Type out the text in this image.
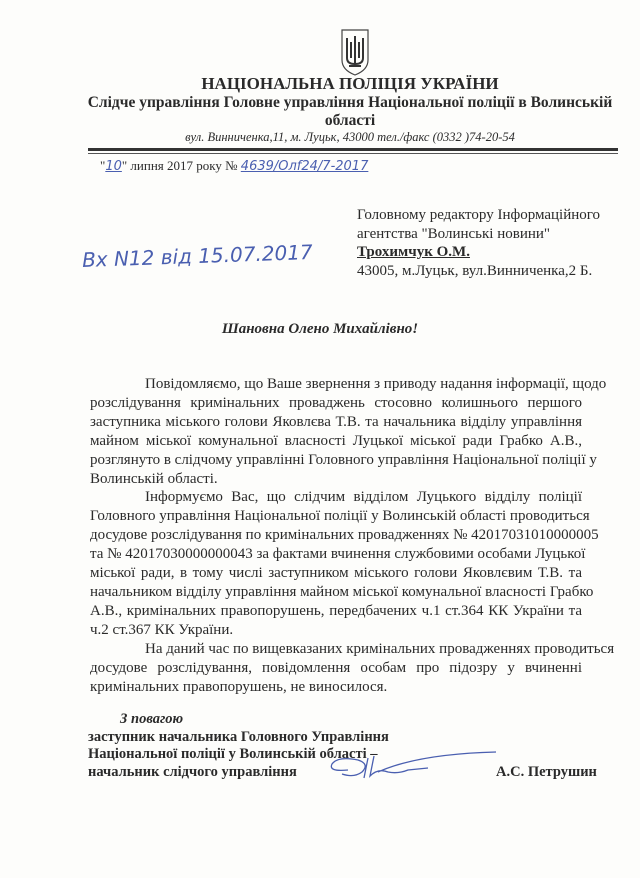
НАЦІОНАЛЬНА ПОЛІЦІЯ УКРАЇНИ
Слідче управління Головне управління Національної поліції в Волинській
області
вул. Винниченка,11, м. Луцьк, 43000 тел./факс (0332 )74-20-54
"10" липня 2017 року № 4639/Олf24/7-2017
Вх N12 від 15.07.2017
Головному редактору Інформаційного
агентства "Волинські новини"
Трохимчук О.М.
43005, м.Луцьк, вул.Винниченка,2 Б.
Шановна Олено Михайлівно!
Повідомляємо, що Ваше звернення з приводу надання інформації, щодо
розслідування кримінальних проваджень стосовно колишнього першого
заступника міського голови Яковлєва Т.В. та начальника відділу управління
майном міської комунальної власності Луцької міської ради Грабко А.В.,
розглянуто в слідчому управлінні Головного управління Національної поліції у
Волинській області.
Інформуємо Вас, що слідчим відділом Луцького відділу поліції
Головного управління Національної поліції у Волинській області проводиться
досудове розслідування по кримінальних провадженнях № 42017031010000005
та № 42017030000000043 за фактами вчинення службовими особами Луцької
міської ради, в тому числі заступником міського голови Яковлєвим Т.В. та
начальником відділу управління майном міської комунальної власності Грабко
А.В., кримінальних правопорушень, передбачених ч.1 ст.364 КК України та
ч.2 ст.367 КК України.
На даний час по вищевказаних кримінальних провадженнях проводиться
досудове розслідування, повідомлення особам про підозру у вчиненні
кримінальних правопорушень, не виносилося.
З повагою
заступник начальника Головного Управління
Національної поліції у Волинській області –
начальник слідчого управління	А.С. Петрушин
